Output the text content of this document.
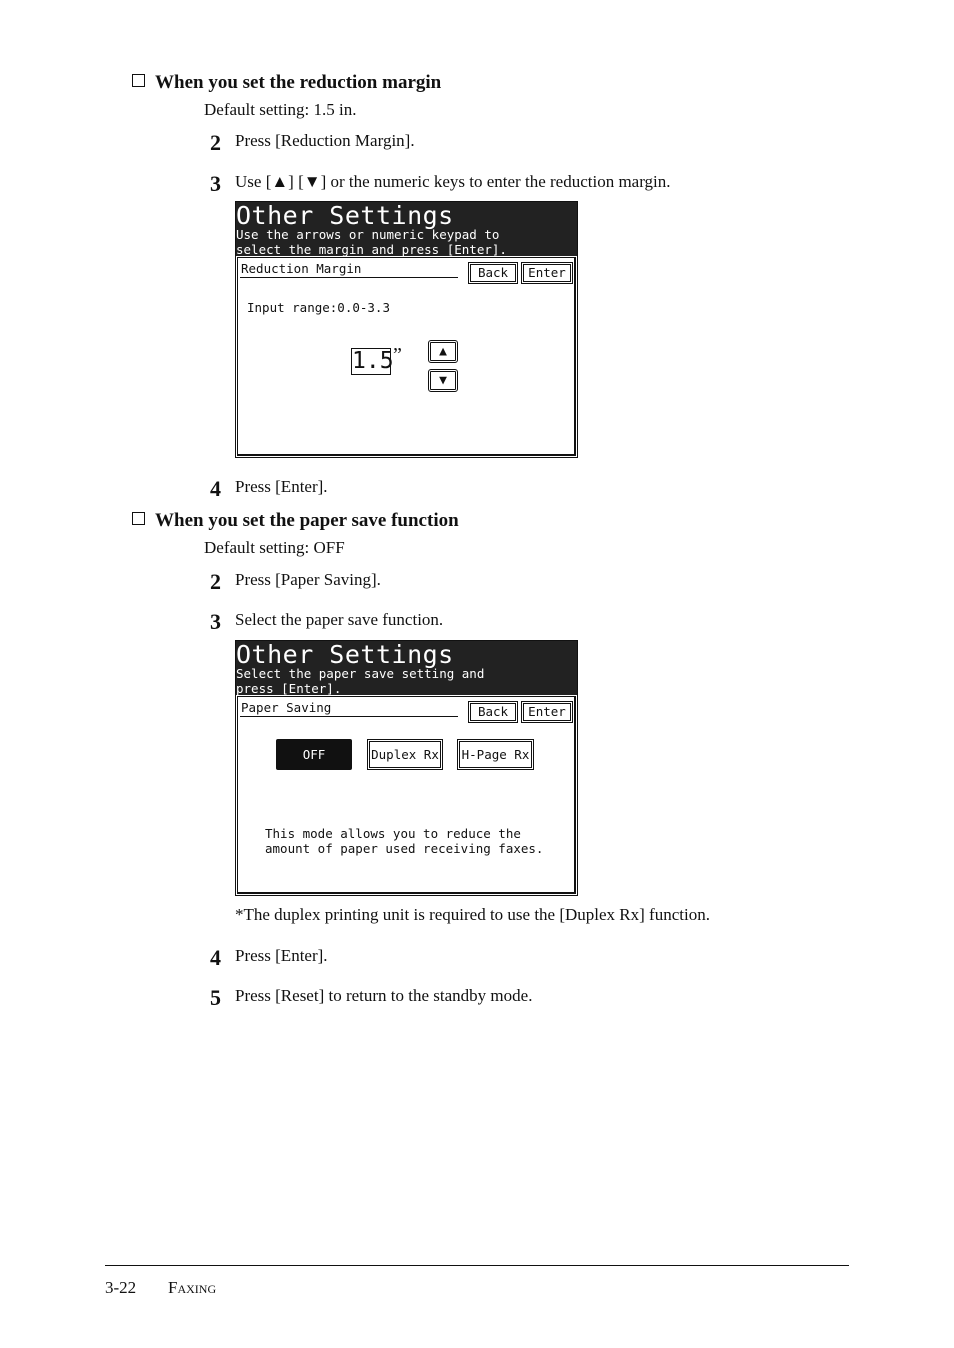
When you set the reduction margin
Default setting: 1.5 in.
2 Press [Reduction Margin].
3 Use [▲] [▼] or the numeric keys to enter the reduction margin.
Other Settings
Use the arrows or numeric keypad to
select the margin and press [Enter].
Reduction Margin	Back	Enter
Input range:0.0-3.3
1.5 ”	▲
▼
4 Press [Enter].
When you set the paper save function
Default setting: OFF
2 Press [Paper Saving].
3 Select the paper save function.
Other Settings
Select the paper save setting and
press [Enter].
Paper Saving	Back	Enter
OFF	Duplex Rx	H-Page Rx
This mode allows you to reduce the
amount of paper used receiving faxes.
*The duplex printing unit is required to use the [Duplex Rx] function.
4 Press [Enter].
5 Press [Reset] to return to the standby mode.
3-22 Faxing
